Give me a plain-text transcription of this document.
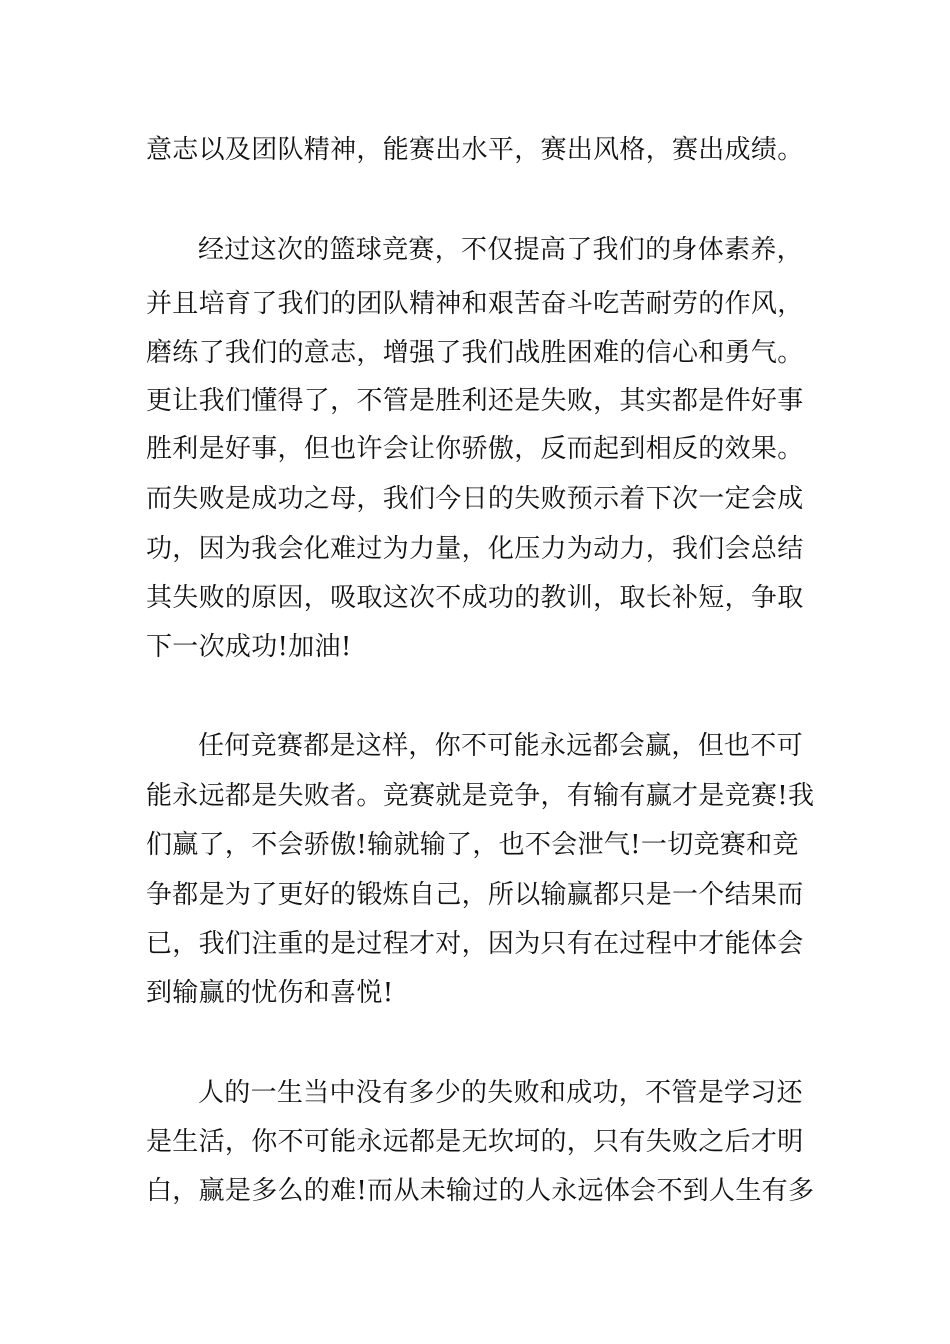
意志以及团队精神，能赛出水平，赛出风格，赛出成绩。
经过这次的篮球竞赛，不仅提高了我们的身体素养，
并且培育了我们的团队精神和艰苦奋斗吃苦耐劳的作风，
磨练了我们的意志，增强了我们战胜困难的信心和勇气。
更让我们懂得了，不管是胜利还是失败，其实都是件好事
胜利是好事，但也许会让你骄傲，反而起到相反的效果。
而失败是成功之母，我们今日的失败预示着下次一定会成
功，因为我会化难过为力量，化压力为动力，我们会总结
其失败的原因，吸取这次不成功的教训，取长补短，争取
下一次成功!加油!
任何竞赛都是这样，你不可能永远都会赢，但也不可
能永远都是失败者。竞赛就是竞争，有输有赢才是竞赛!我
们赢了，不会骄傲!输就输了，也不会泄气!一切竞赛和竞
争都是为了更好的锻炼自己，所以输赢都只是一个结果而
已，我们注重的是过程才对，因为只有在过程中才能体会
到输赢的忧伤和喜悦!
人的一生当中没有多少的失败和成功，不管是学习还
是生活，你不可能永远都是无坎坷的，只有失败之后才明
白，赢是多么的难!而从未输过的人永远体会不到人生有多
